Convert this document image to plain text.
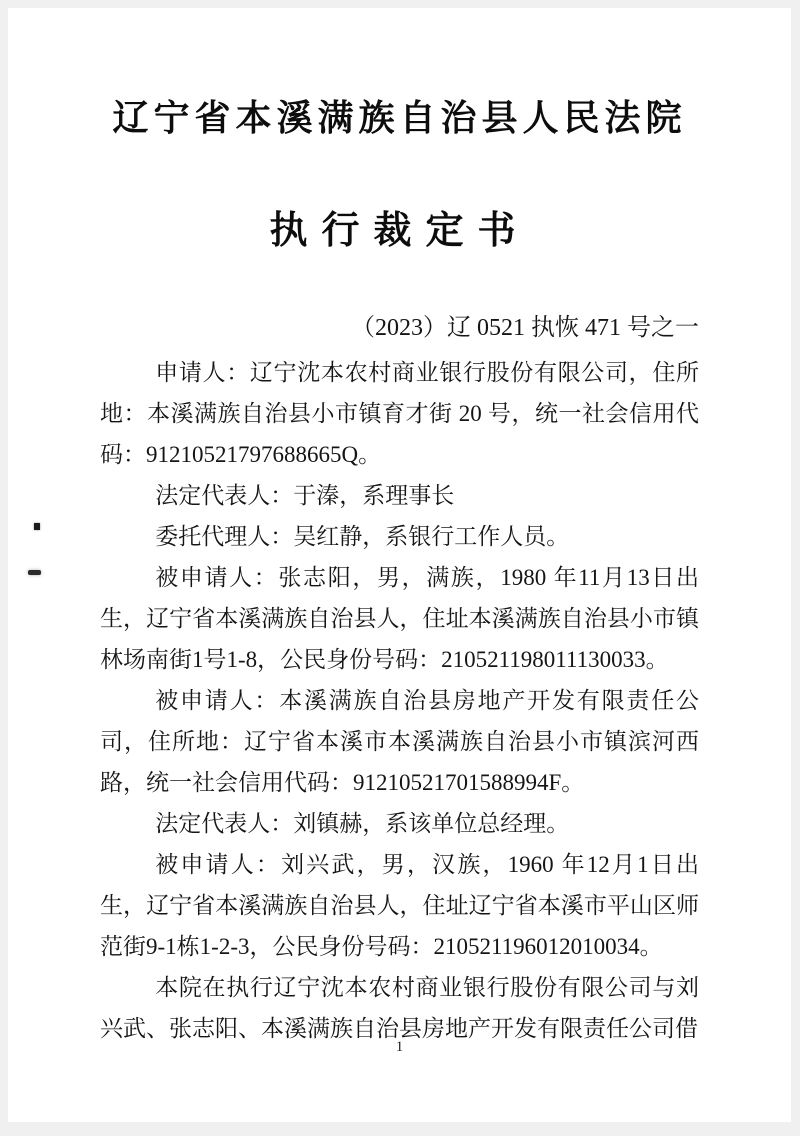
辽宁省本溪满族自治县人民法院
执行裁定书
（2023）辽 0521 执恢 471 号之一

申请人：辽宁沈本农村商业银行股份有限公司，住所地：本溪满族自治县小市镇育才街 20 号，统一社会信用代码：91210521797688665Q。

法定代表人：于溱，系理事长

委托代理人：吴红静，系银行工作人员。

被申请人：张志阳，男，满族，1980 年11月13日出生，辽宁省本溪满族自治县人，住址本溪满族自治县小市镇林场南街1号1-8，公民身份号码：210521198011130033。

被申请人：本溪满族自治县房地产开发有限责任公司，住所地：辽宁省本溪市本溪满族自治县小市镇滨河西路，统一社会信用代码：91210521701588994F。

法定代表人：刘镇赫，系该单位总经理。

被申请人：刘兴武，男，汉族，1960 年12月1日出生，辽宁省本溪满族自治县人，住址辽宁省本溪市平山区师范街9-1栋1-2-3，公民身份号码：210521196012010034。

本院在执行辽宁沈本农村商业银行股份有限公司与刘兴武、张志阳、本溪满族自治县房地产开发有限责任公司借

1
